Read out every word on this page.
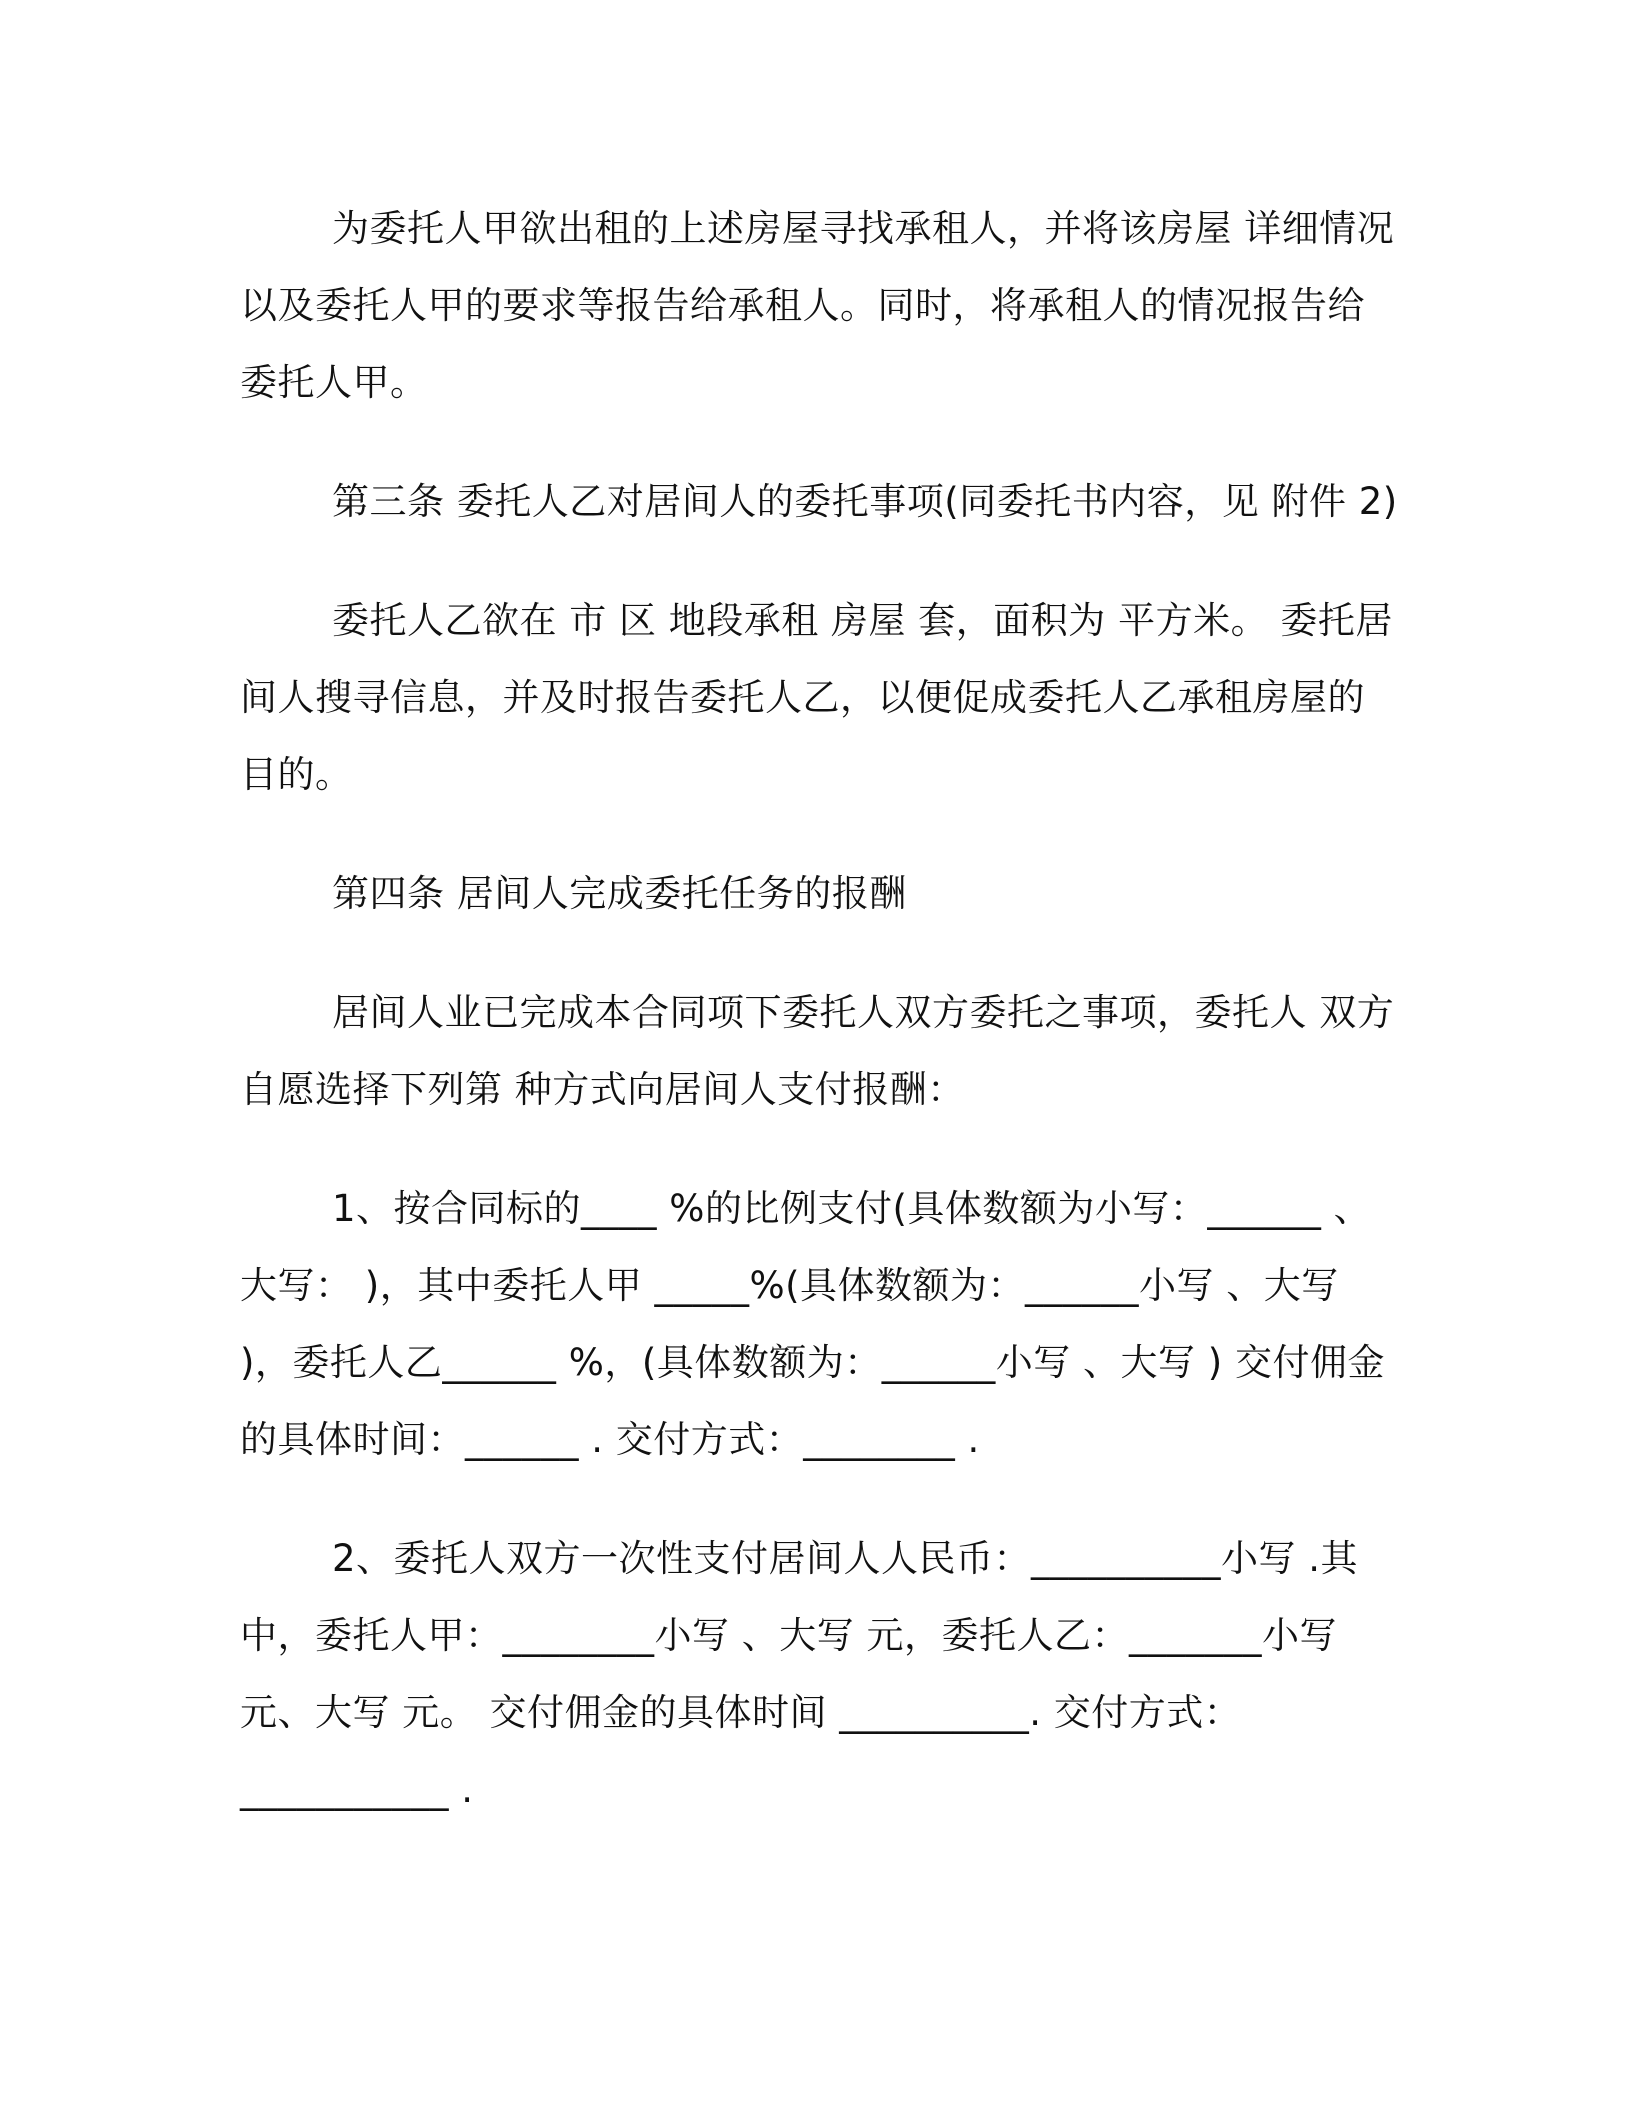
为委托人甲欲出租的上述房屋寻找承租人，并将该房屋 详细情况以及委托人甲的要求等报告给承租人。同时，将承租人的情况报告给委托人甲。

第三条 委托人乙对居间人的委托事项(同委托书内容，见 附件 2)

委托人乙欲在 市 区 地段承租 房屋 套，面积为 平方米。 委托居间人搜寻信息，并及时报告委托人乙，以便促成委托人乙承租房屋的目的。

第四条 居间人完成委托任务的报酬

居间人业已完成本合同项下委托人双方委托之事项，委托人 双方自愿选择下列第 种方式向居间人支付报酬：

1、按合同标的____ %的比例支付(具体数额为小写：______ 、大写： )，其中委托人甲 _____%(具体数额为：______小写 、大写 )，委托人乙______ %，(具体数额为：______小写 、大写 ) 交付佣金的具体时间：______ . 交付方式：________ .

2、委托人双方一次性支付居间人人民币：__________小写 .其中，委托人甲：________小写 、大写 元，委托人乙：_______小写 元、大写 元。 交付佣金的具体时间 __________. 交付方式：___________ .
